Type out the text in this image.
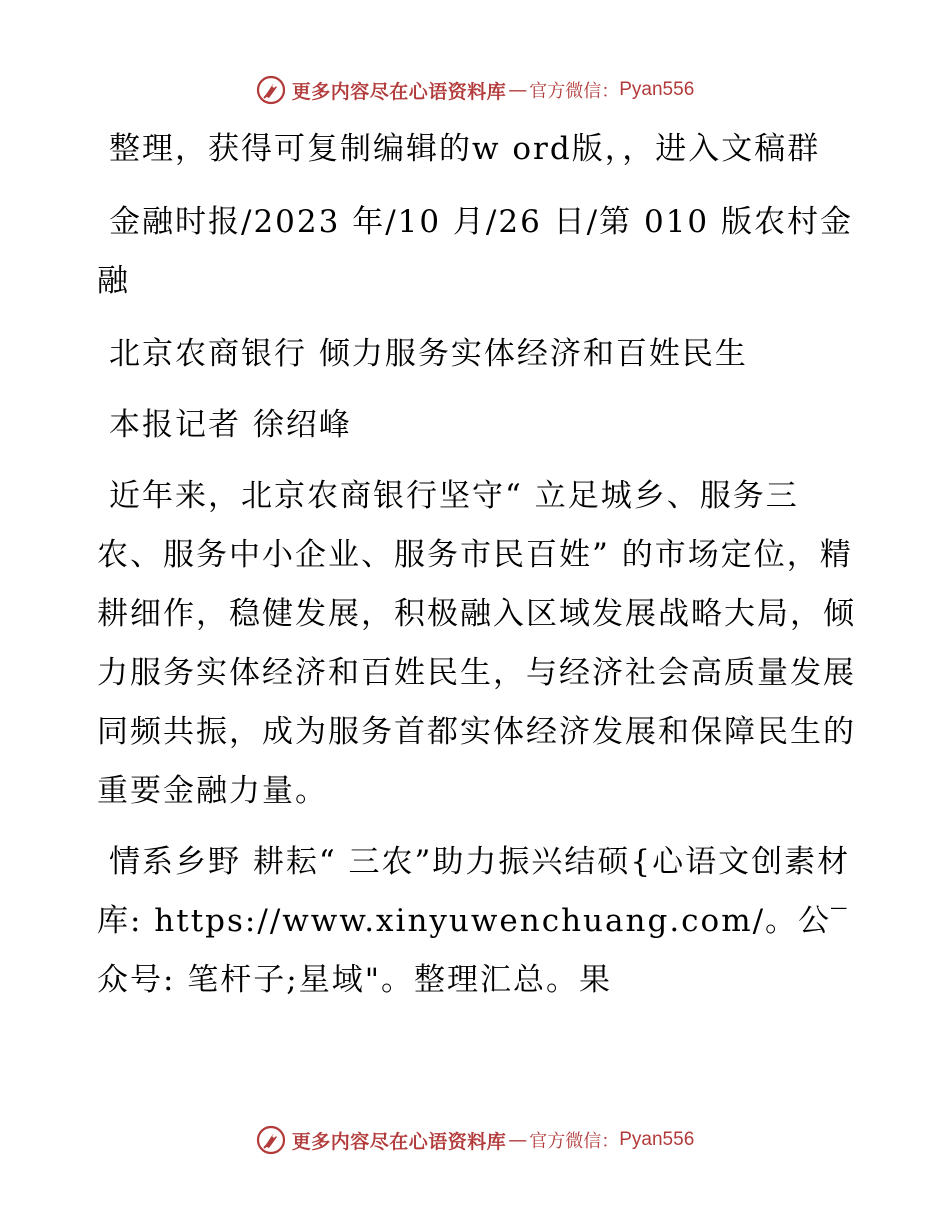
更多内容尽在心语资料库 — 官方微信： Pyan556

整理，获得可复制编辑的w ord版，，进入文稿群

金融时报/2023 年/10 月/26 日/第 010 版农村金融

北京农商银行 倾力服务实体经济和百姓民生

本报记者 徐绍峰

近年来，北京农商银行坚守“ 立足城乡、服务三农、服务中小企业、服务市民百姓” 的市场定位，精耕细作，稳健发展，积极融入区域发展战略大局，倾力服务实体经济和百姓民生，与经济社会高质量发展同频共振，成为服务首都实体经济发展和保障民生的重要金融力量。

情系乡野 耕耘“ 三农”助力振兴结硕{心语文创素材库: https://www.xinyuwenchuang.com/。公‾众号: 笔杆子;星域"。整理汇总。果

更多内容尽在心语资料库 — 官方微信： Pyan556
